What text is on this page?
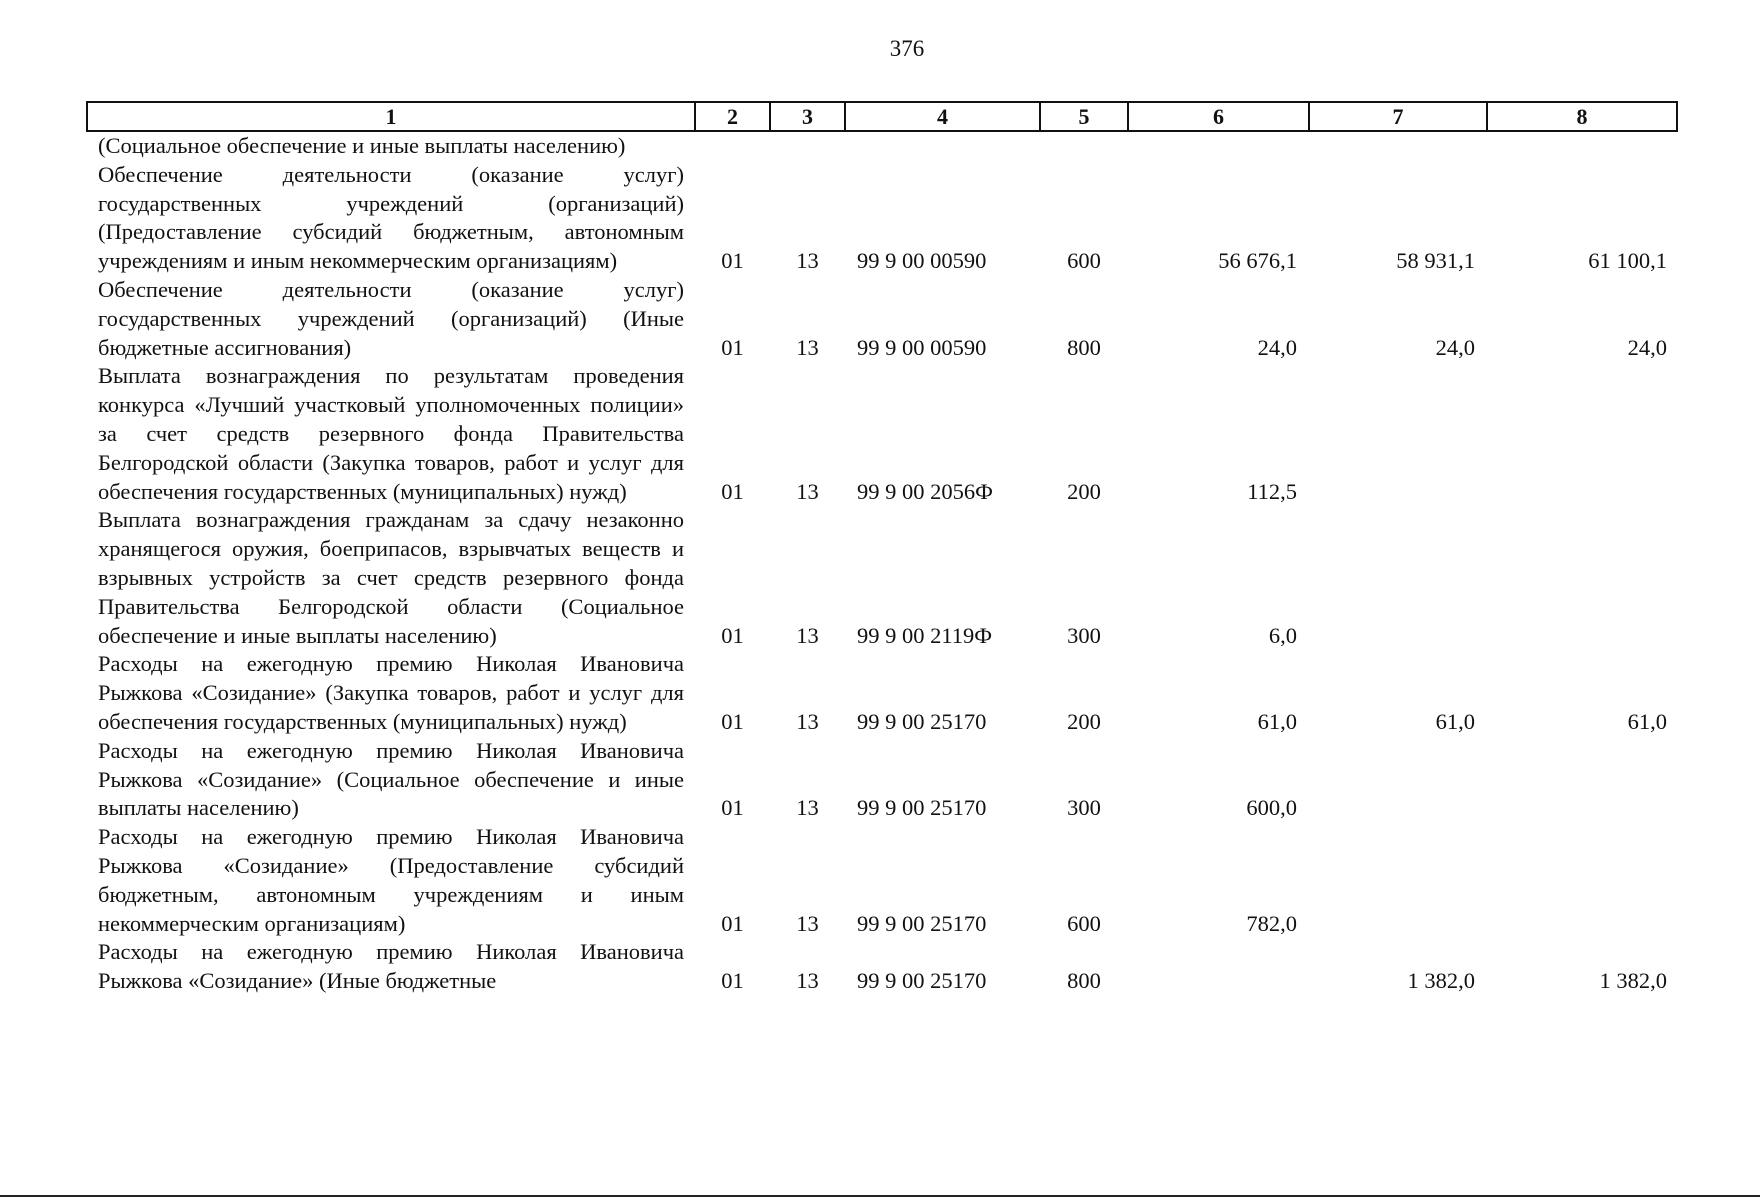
376
1	2	3	4	5	6	7	8
(Социальное обеспечение и иные выплаты населению)							
Обеспечение деятельности (оказание услуг) государственных учреждений (организаций) (Предоставление субсидий бюджетным, автономным учреждениям и иным некоммерческим организациям)	01	13	99 9 00 00590	600	56 676,1	58 931,1	61 100,1
Обеспечение деятельности (оказание услуг) государственных учреждений (организаций) (Иные бюджетные ассигнования)	01	13	99 9 00 00590	800	24,0	24,0	24,0
Выплата вознаграждения по результатам проведения конкурса «Лучший участковый уполномоченных полиции» за счет средств резервного фонда Правительства Белгородской области (Закупка товаров, работ и услуг для обеспечения государственных (муниципальных) нужд)	01	13	99 9 00 2056Ф	200	112,5		
Выплата вознаграждения гражданам за сдачу незаконно хранящегося оружия, боеприпасов, взрывчатых веществ и взрывных устройств за счет средств резервного фонда Правительства Белгородской области (Социальное обеспечение и иные выплаты населению)	01	13	99 9 00 2119Ф	300	6,0		
Расходы на ежегодную премию Николая Ивановича Рыжкова «Созидание» (Закупка товаров, работ и услуг для обеспечения государственных (муниципальных) нужд)	01	13	99 9 00 25170	200	61,0	61,0	61,0
Расходы на ежегодную премию Николая Ивановича Рыжкова «Созидание» (Социальное обеспечение и иные выплаты населению)	01	13	99 9 00 25170	300	600,0		
Расходы на ежегодную премию Николая Ивановича Рыжкова «Созидание» (Предоставление субсидий бюджетным, автономным учреждениям и иным некоммерческим организациям)	01	13	99 9 00 25170	600	782,0		
Расходы на ежегодную премию Николая Ивановича Рыжкова «Созидание» (Иные бюджетные	01	13	99 9 00 25170	800		1 382,0	1 382,0
